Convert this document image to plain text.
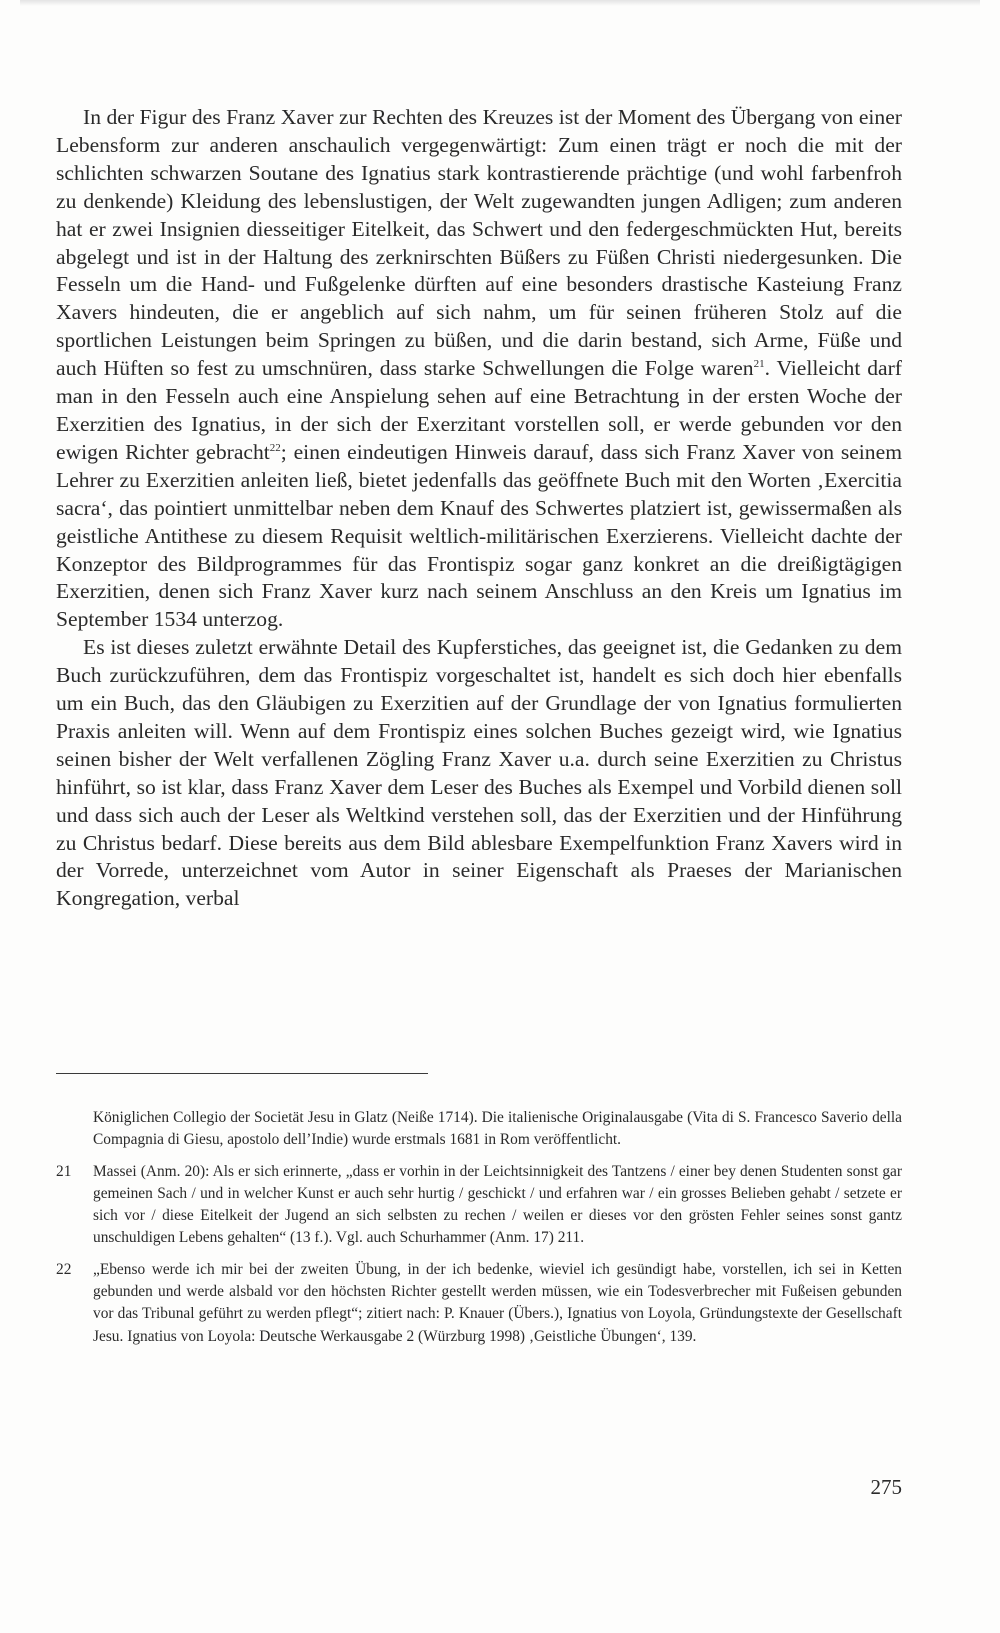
In der Figur des Franz Xaver zur Rechten des Kreuzes ist der Moment des Übergang von einer Lebensform zur anderen anschaulich vergegenwärtigt: Zum einen trägt er noch die mit der schlichten schwarzen Soutane des Ignatius stark kontrastierende prächtige (und wohl farbenfroh zu denkende) Kleidung des lebenslustigen, der Welt zugewandten jungen Adligen; zum anderen hat er zwei Insignien diesseitiger Eitelkeit, das Schwert und den federgeschmückten Hut, bereits abgelegt und ist in der Haltung des zerknirschten Büßers zu Füßen Christi niedergesunken. Die Fesseln um die Hand- und Fußgelenke dürften auf eine besonders drastische Kasteiung Franz Xavers hindeuten, die er angeblich auf sich nahm, um für seinen früheren Stolz auf die sportlichen Leistungen beim Springen zu büßen, und die darin bestand, sich Arme, Füße und auch Hüften so fest zu umschnüren, dass starke Schwellungen die Folge waren$^{21}$. Vielleicht darf man in den Fesseln auch eine Anspielung sehen auf eine Betrachtung in der ersten Woche der Exerzitien des Ignatius, in der sich der Exerzitant vorstellen soll, er werde gebunden vor den ewigen Richter gebracht$^{22}$; einen eindeutigen Hinweis darauf, dass sich Franz Xaver von seinem Lehrer zu Exerzitien anleiten ließ, bietet jedenfalls das geöffnete Buch mit den Worten ‚Exercitia sacra‘, das pointiert unmittelbar neben dem Knauf des Schwertes platziert ist, gewissermaßen als geistliche Antithese zu diesem Requisit weltlich-militärischen Exerzierens. Vielleicht dachte der Konzeptor des Bildprogrammes für das Frontispiz sogar ganz konkret an die dreißigtägigen Exerzitien, denen sich Franz Xaver kurz nach seinem Anschluss an den Kreis um Ignatius im September 1534 unterzog.

Es ist dieses zuletzt erwähnte Detail des Kupferstiches, das geeignet ist, die Gedanken zu dem Buch zurückzuführen, dem das Frontispiz vorgeschaltet ist, handelt es sich doch hier ebenfalls um ein Buch, das den Gläubigen zu Exerzitien auf der Grundlage der von Ignatius formulierten Praxis anleiten will. Wenn auf dem Frontispiz eines solchen Buches gezeigt wird, wie Ignatius seinen bisher der Welt verfallenen Zögling Franz Xaver u.a. durch seine Exerzitien zu Christus hinführt, so ist klar, dass Franz Xaver dem Leser des Buches als Exempel und Vorbild dienen soll und dass sich auch der Leser als Weltkind verstehen soll, das der Exerzitien und der Hinführung zu Christus bedarf. Diese bereits aus dem Bild ablesbare Exempelfunktion Franz Xavers wird in der Vorrede, unterzeichnet vom Autor in seiner Eigenschaft als Praeses der Marianischen Kongregation, verbal

Königlichen Collegio der Societät Jesu in Glatz (Neiße 1714). Die italienische Originalausgabe (Vita di S. Francesco Saverio della Compagnia di Giesu, apostolo dell’Indie) wurde erstmals 1681 in Rom veröffentlicht.

21 Massei (Anm. 20): Als er sich erinnerte, „dass er vorhin in der Leichtsinnigkeit des Tantzens / einer bey denen Studenten sonst gar gemeinen Sach / und in welcher Kunst er auch sehr hurtig / geschickt / und erfahren war / ein grosses Belieben gehabt / setzete er sich vor / diese Eitelkeit der Jugend an sich selbsten zu rechen / weilen er dieses vor den grösten Fehler seines sonst gantz unschuldigen Lebens gehalten“ (13 f.). Vgl. auch Schurhammer (Anm. 17) 211.

22 „Ebenso werde ich mir bei der zweiten Übung, in der ich bedenke, wieviel ich gesündigt habe, vorstellen, ich sei in Ketten gebunden und werde alsbald vor den höchsten Richter gestellt werden müssen, wie ein Todesverbrecher mit Fußeisen gebunden vor das Tribunal geführt zu werden pflegt“; zitiert nach: P. Knauer (Übers.), Ignatius von Loyola, Gründungstexte der Gesellschaft Jesu. Ignatius von Loyola: Deutsche Werkausgabe 2 (Würzburg 1998) ‚Geistliche Übungen‘, 139.

275
